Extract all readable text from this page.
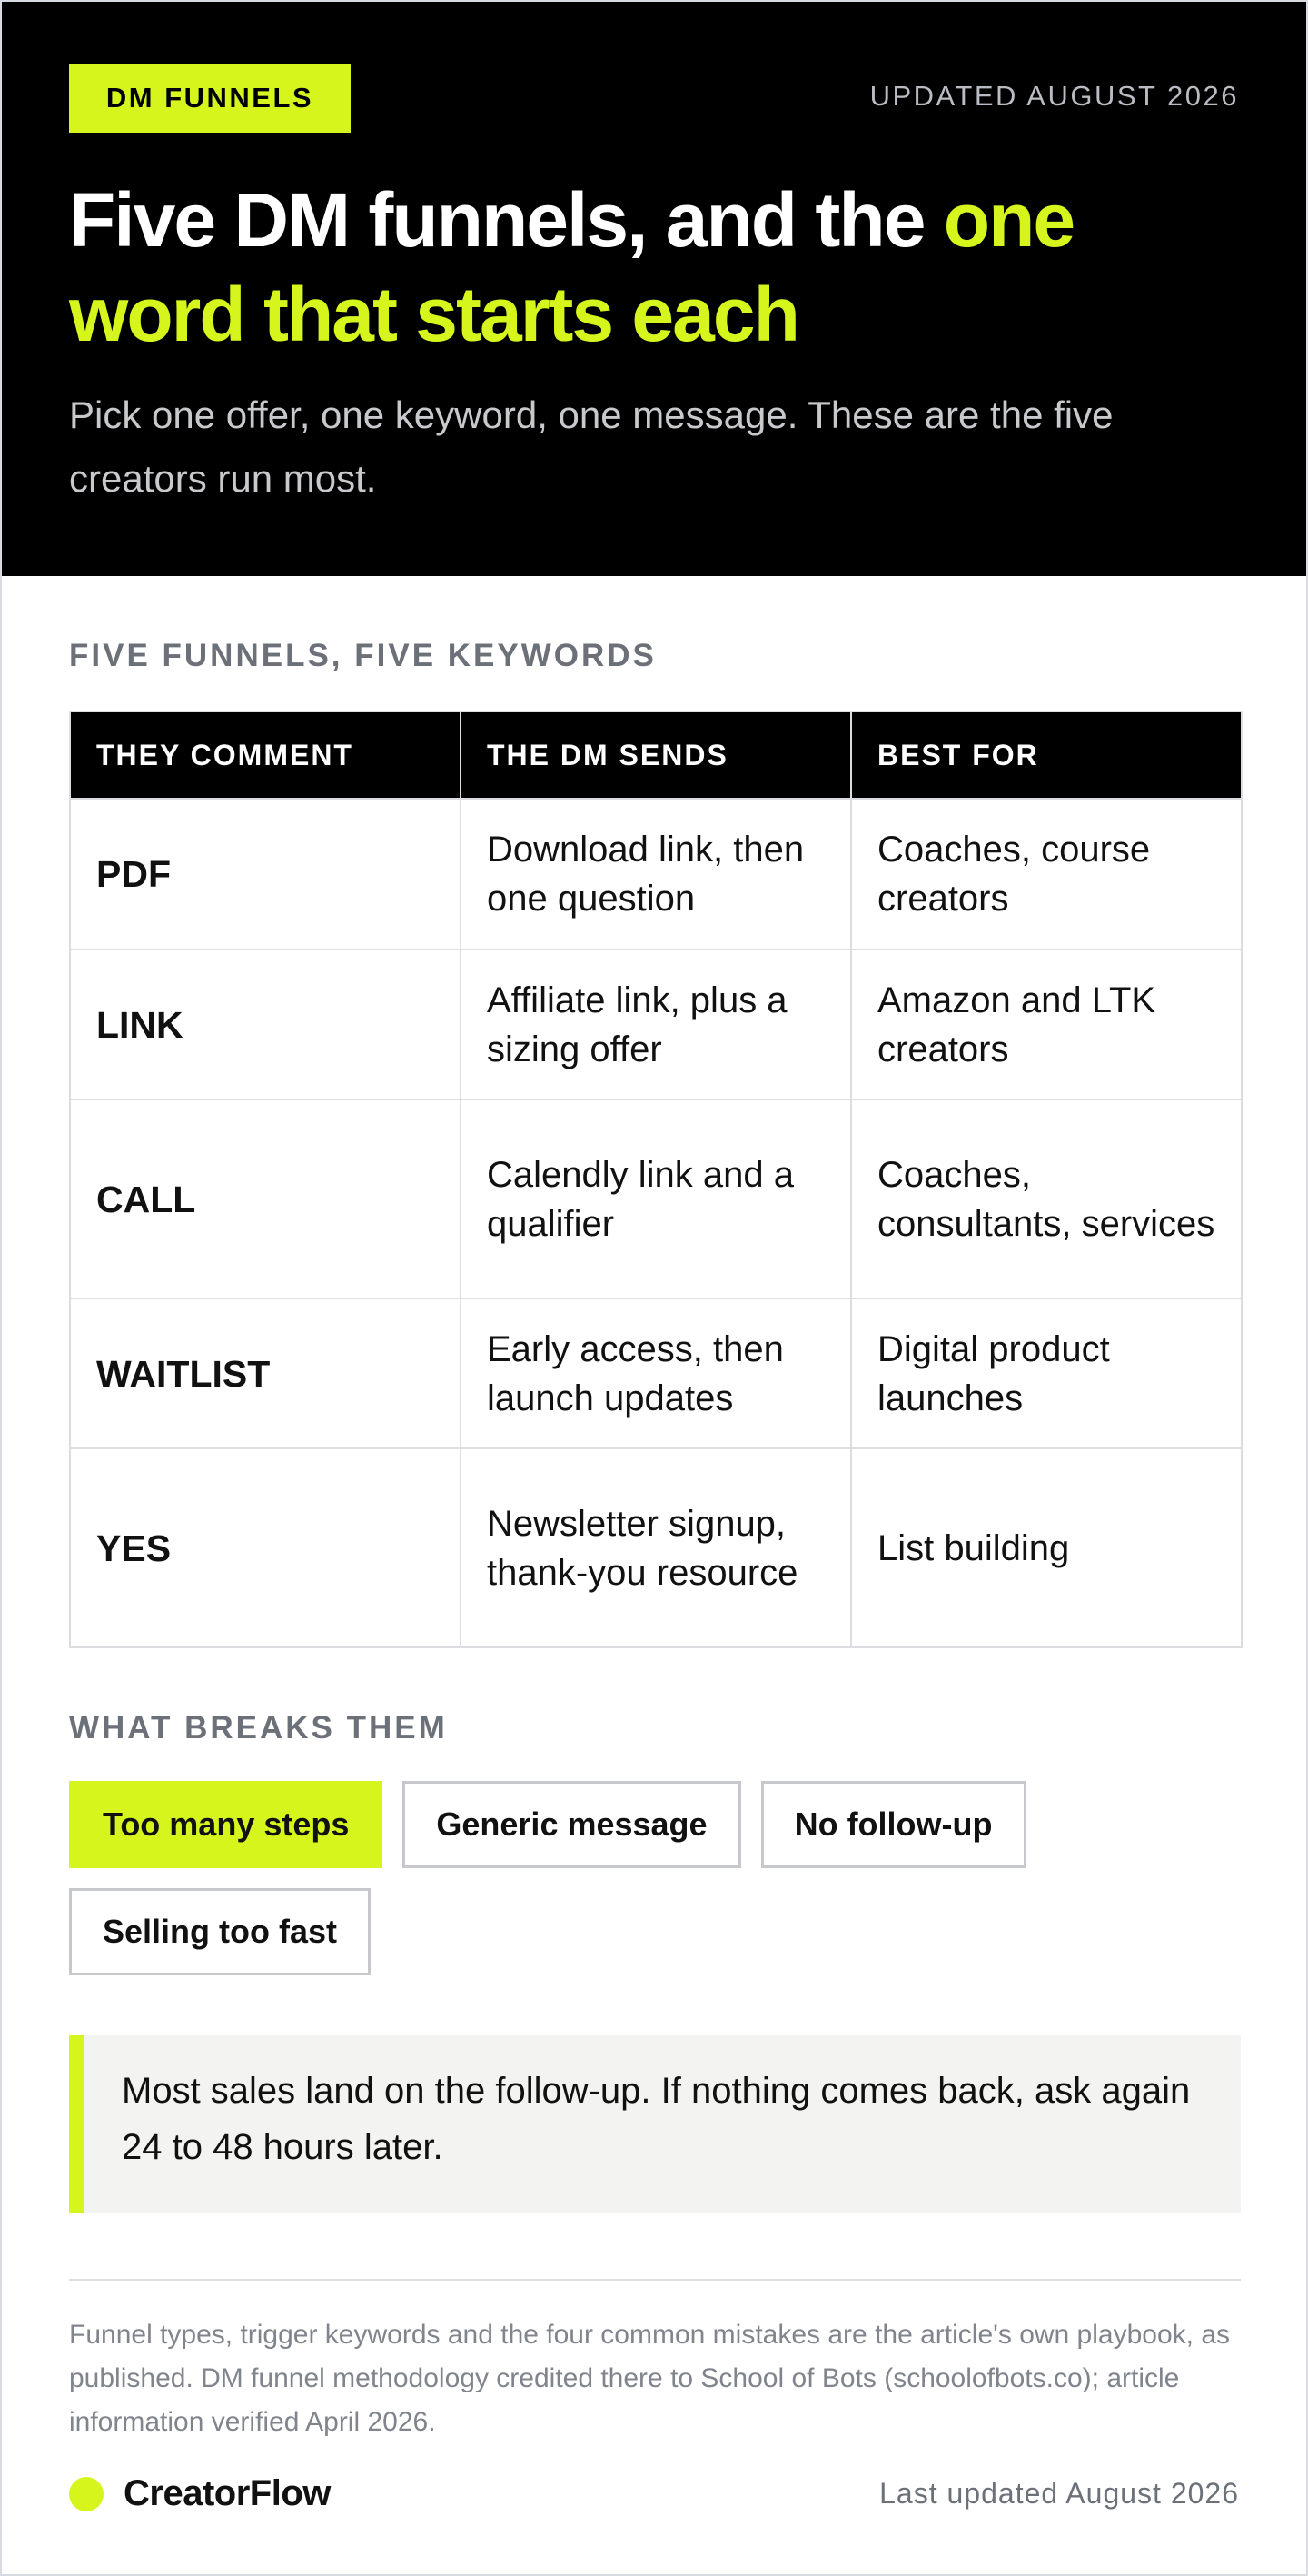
DM FUNNELS	UPDATED AUGUST 2026
Five DM funnels, and the one word that starts each

Pick one offer, one keyword, one message. These are the five creators run most.

FIVE FUNNELS, FIVE KEYWORDS
THEY COMMENT	THE DM SENDS	BEST FOR
PDF	Download link, then one question	Coaches, course creators
LINK	Affiliate link, plus a sizing offer	Amazon and LTK creators
CALL	Calendly link and a qualifier	Coaches, consultants, services
WAITLIST	Early access, then launch updates	Digital product launches
YES	Newsletter signup, thank-you resource	List building
WHAT BREAKS THEM
Too many steps	Generic message	No follow-up
Selling too fast
Most sales land on the follow-up. If nothing comes back, ask again 24 to 48 hours later.

Funnel types, trigger keywords and the four common mistakes are the article's own playbook, as published. DM funnel methodology credited there to School of Bots (schoolofbots.co); article information verified April 2026.

CreatorFlow	Last updated August 2026
